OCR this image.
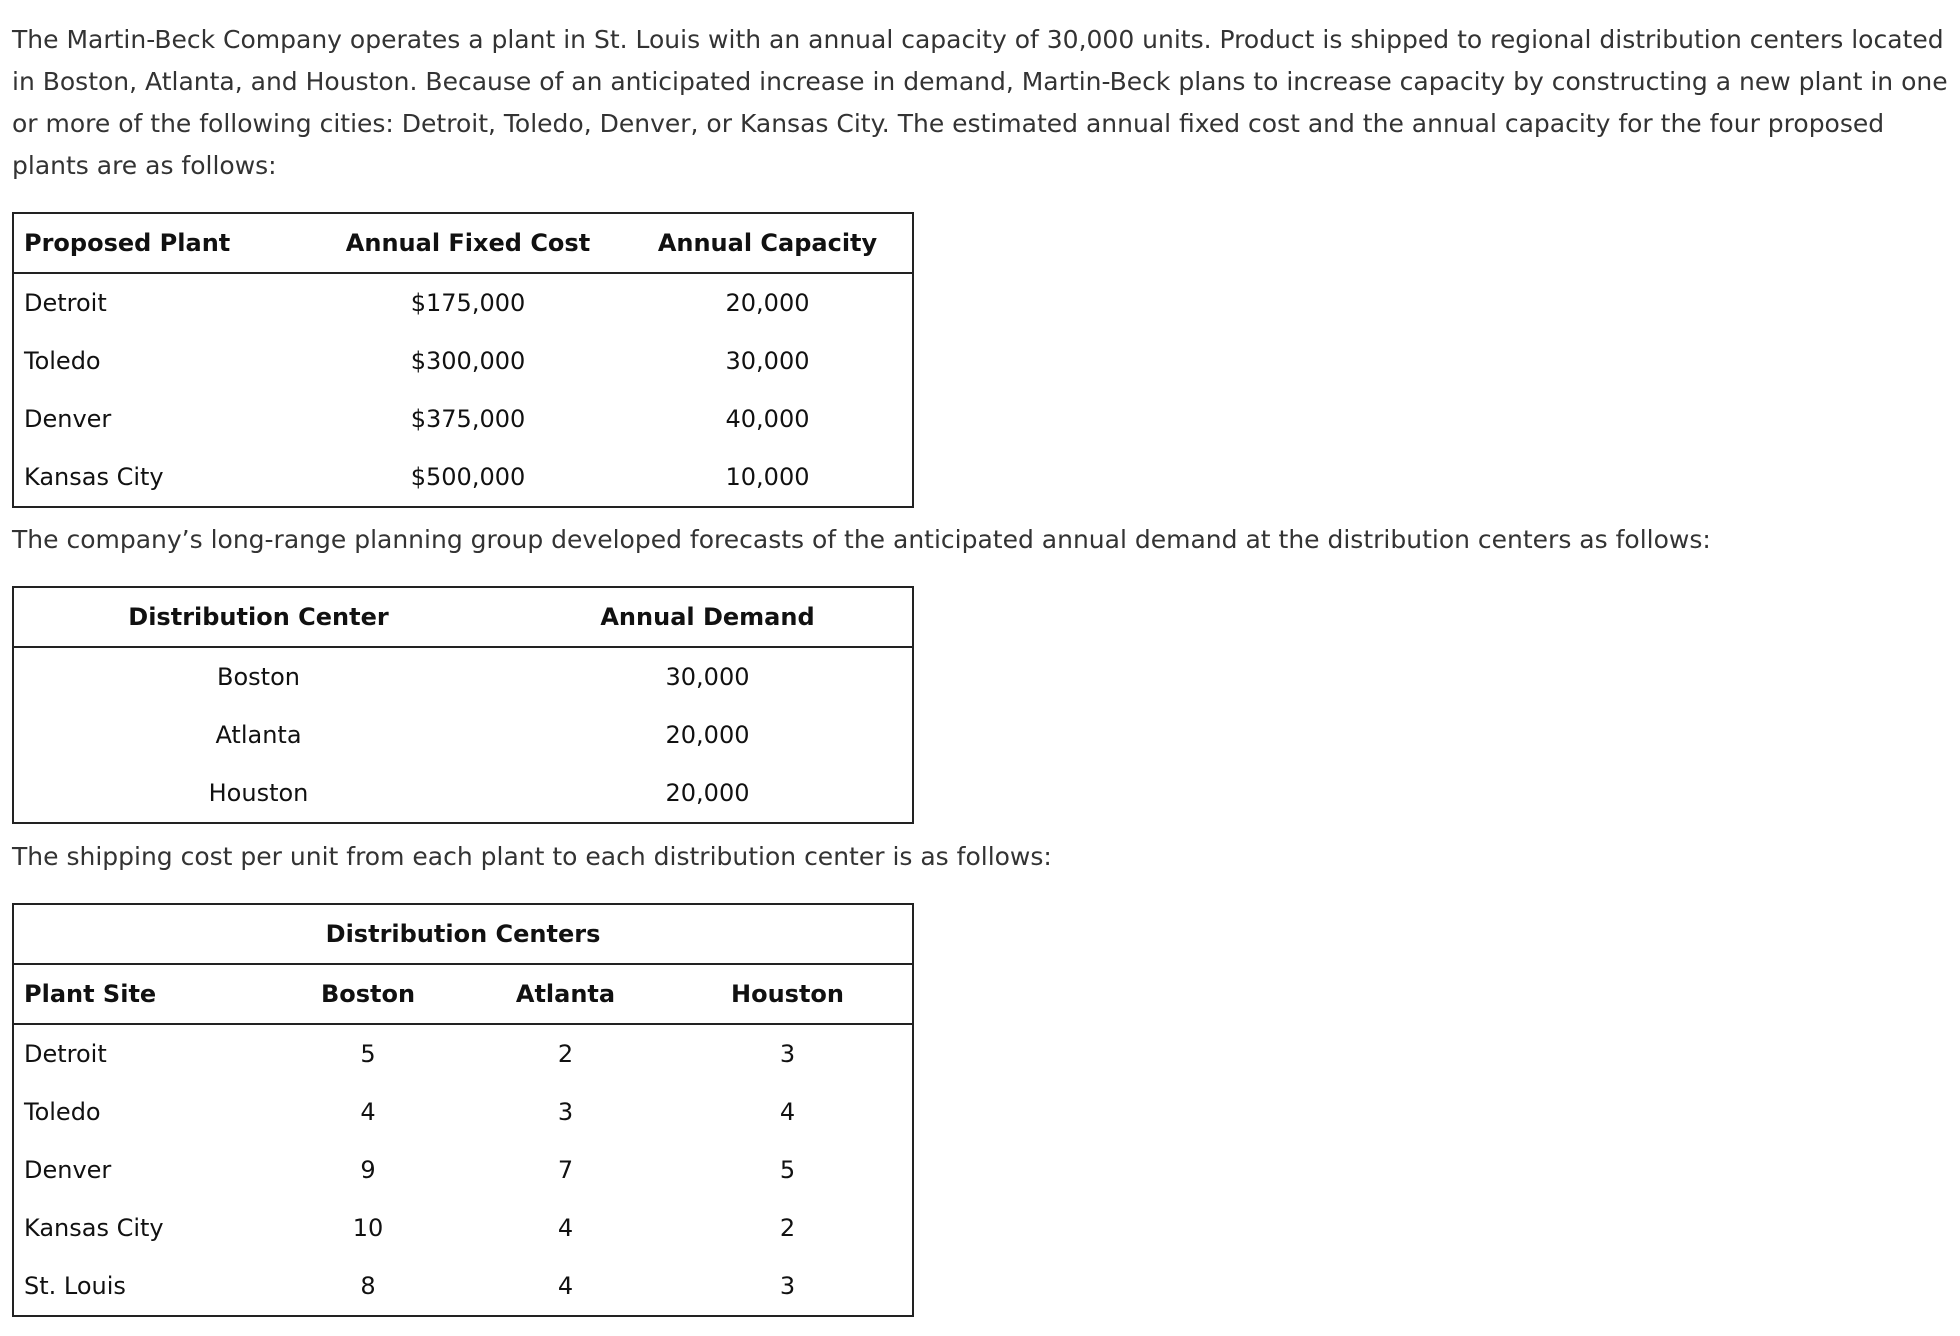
The Martin-Beck Company operates a plant in St. Louis with an annual capacity of 30,000 units. Product is shipped to regional distribution centers located in Boston, Atlanta, and Houston. Because of an anticipated increase in demand, Martin-Beck plans to increase capacity by constructing a new plant in one or more of the following cities: Detroit, Toledo, Denver, or Kansas City. The estimated annual fixed cost and the annual capacity for the four proposed plants are as follows:

Proposed Plant	Annual Fixed Cost	Annual Capacity
Detroit	$175,000	20,000
Toledo	$300,000	30,000
Denver	$375,000	40,000
Kansas City	$500,000	10,000

The company’s long-range planning group developed forecasts of the anticipated annual demand at the distribution centers as follows:

Distribution Center	Annual Demand
Boston	30,000
Atlanta	20,000
Houston	20,000

The shipping cost per unit from each plant to each distribution center is as follows:

Distribution Centers			
Plant Site	Boston	Atlanta	Houston
Detroit	5	2	3
Toledo	4	3	4
Denver	9	7	5
Kansas City	10	4	2
St. Louis	8	4	3
